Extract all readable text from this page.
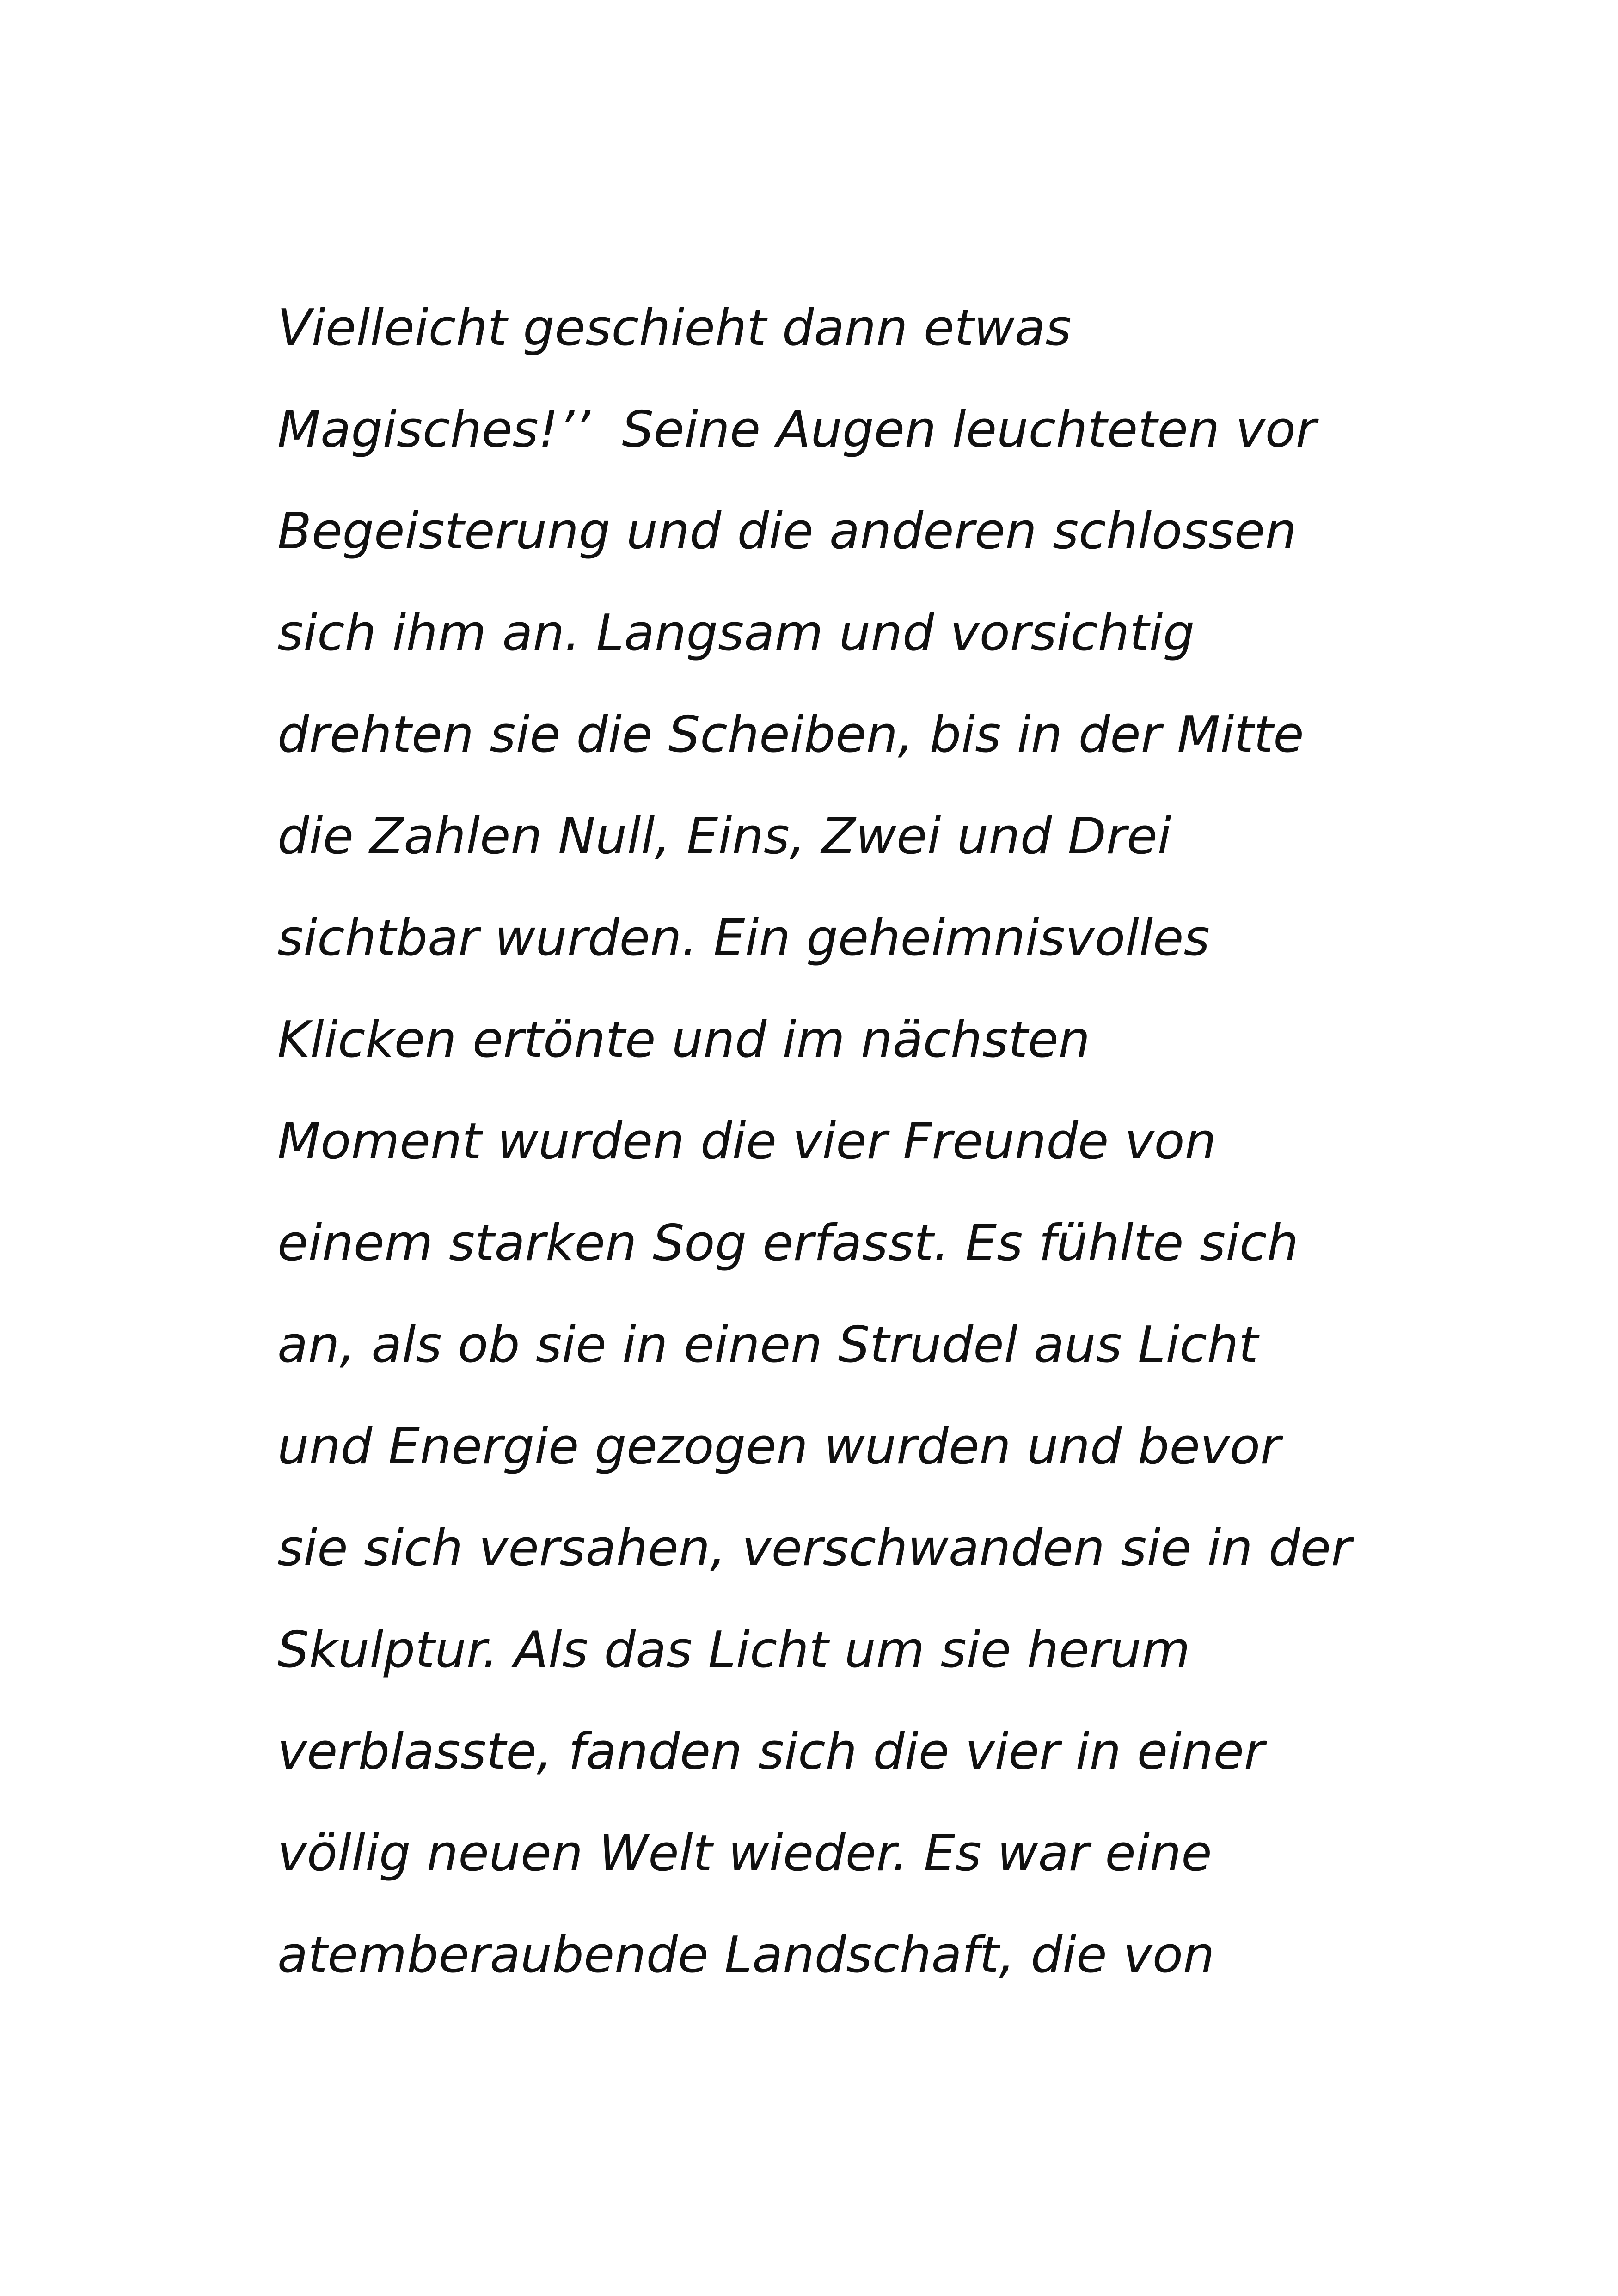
Vielleicht geschieht dann etwas

Magisches!’’  Seine Augen leuchteten vor

Begeisterung und die anderen schlossen

sich ihm an. Langsam und vorsichtig

drehten sie die Scheiben, bis in der Mitte

die Zahlen Null, Eins, Zwei und Drei

sichtbar wurden. Ein geheimnisvolles

Klicken ertönte und im nächsten

Moment wurden die vier Freunde von

einem starken Sog erfasst. Es fühlte sich

an, als ob sie in einen Strudel aus Licht

und Energie gezogen wurden und bevor

sie sich versahen, verschwanden sie in der

Skulptur. Als das Licht um sie herum

verblasste, fanden sich die vier in einer

völlig neuen Welt wieder. Es war eine

atemberaubende Landschaft, die von
